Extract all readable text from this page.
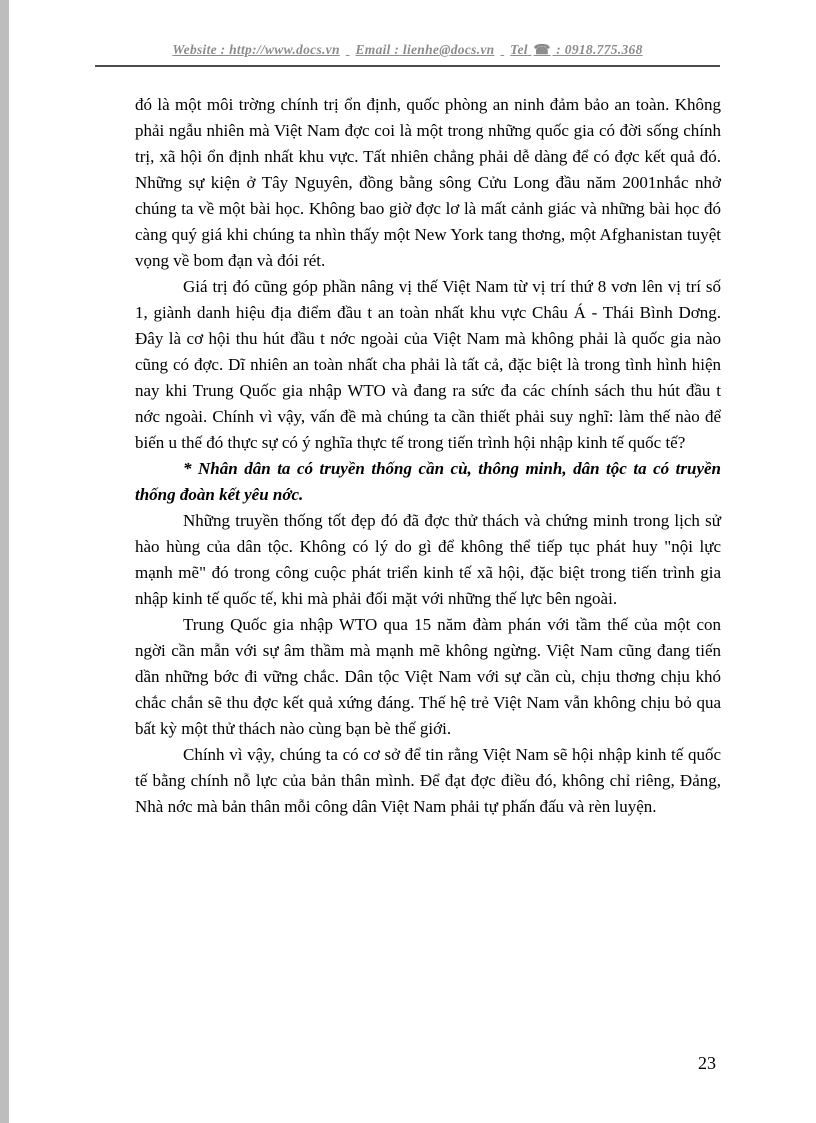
Website : http://www.docs.vn Email : lienhe@docs.vn Tel ☎ : 0918.775.368

đó là một môi trờng chính trị ổn định, quốc phòng an ninh đảm bảo an toàn. Không phải ngẫu nhiên mà Việt Nam đợc coi là một trong những quốc gia có đời sống chính trị, xã hội ổn định nhất khu vực. Tất nhiên chẳng phải dễ dàng để có đợc kết quả đó. Những sự kiện ở Tây Nguyên, đồng bằng sông Cửu Long đầu năm 2001nhắc nhở chúng ta về một bài học. Không bao giờ đợc lơ là mất cảnh giác và những bài học đó càng quý giá khi chúng ta nhìn thấy một New York tang thơng, một Afghanistan tuyệt vọng về bom đạn và đói rét.

Giá trị đó cũng góp phần nâng vị thế Việt Nam từ vị trí thứ 8 vơn lên vị trí số 1, giành danh hiệu địa điểm đầu t an toàn nhất khu vực Châu Á - Thái Bình Dơng. Đây là cơ hội thu hút đầu t nớc ngoài của Việt Nam mà không phải là quốc gia nào cũng có đợc. Dĩ nhiên an toàn nhất cha phải là tất cả, đặc biệt là trong tình hình hiện nay khi Trung Quốc gia nhập WTO và đang ra sức đa các chính sách thu hút đầu t nớc ngoài. Chính vì vậy, vấn đề mà chúng ta cần thiết phải suy nghĩ: làm thế nào để biến u thế đó thực sự có ý nghĩa thực tế trong tiến trình hội nhập kinh tế quốc tế?

* Nhân dân ta có truyền thống cần cù, thông minh, dân tộc ta có truyền thống đoàn kết yêu nớc.

Những truyền thống tốt đẹp đó đã đợc thử thách và chứng minh trong lịch sử hào hùng của dân tộc. Không có lý do gì để không thể tiếp tục phát huy "nội lực mạnh mẽ" đó trong công cuộc phát triển kinh tế xã hội, đặc biệt trong tiến trình gia nhập kinh tế quốc tế, khi mà phải đối mặt với những thế lực bên ngoài.

Trung Quốc gia nhập WTO qua 15 năm đàm phán với tầm thế của một con ngời cần mẫn với sự âm thầm mà mạnh mẽ không ngừng. Việt Nam cũng đang tiến dần những bớc đi vững chắc. Dân tộc Việt Nam với sự cần cù, chịu thơng chịu khó chắc chắn sẽ thu đợc kết quả xứng đáng. Thế hệ trẻ Việt Nam vẫn không chịu bỏ qua bất kỳ một thử thách nào cùng bạn bè thế giới.

Chính vì vậy, chúng ta có cơ sở để tin rằng Việt Nam sẽ hội nhập kinh tế quốc tế bằng chính nỗ lực của bản thân mình. Để đạt đợc điều đó, không chỉ riêng, Đảng, Nhà nớc mà bản thân mỗi công dân Việt Nam phải tự phấn đấu và rèn luyện.

23
